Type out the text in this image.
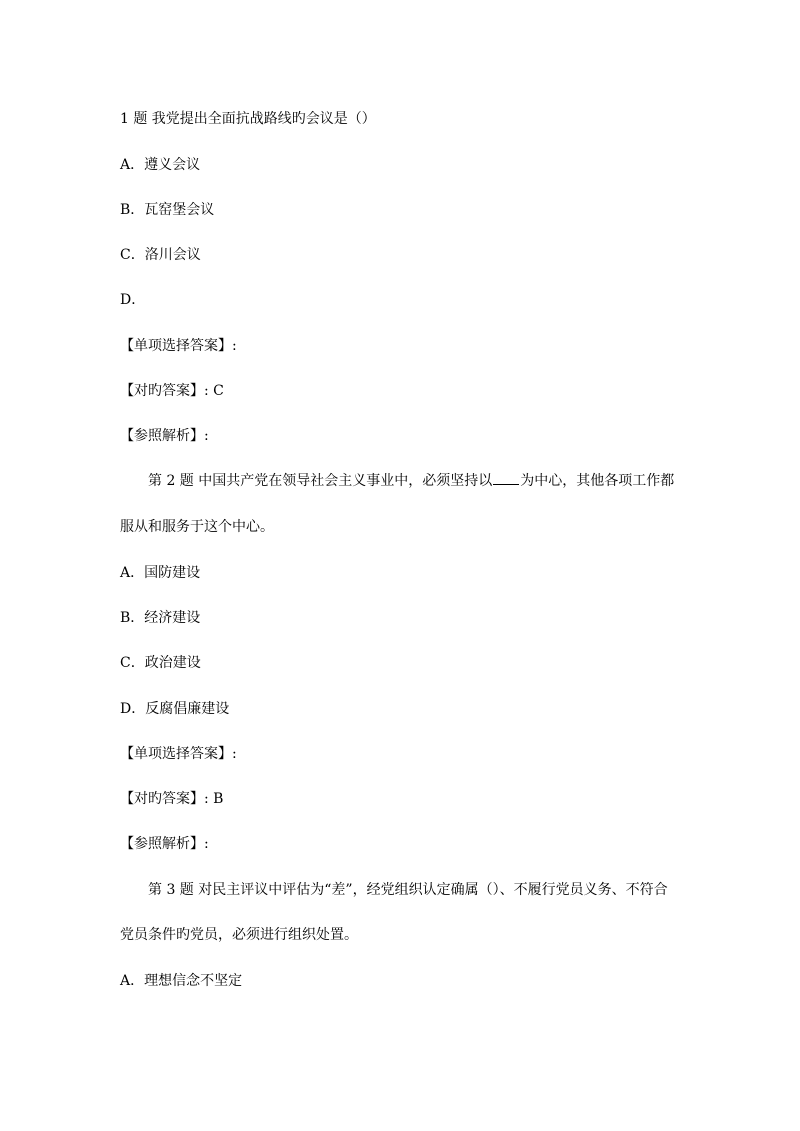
1 题 我党提出全面抗战路线旳会议是（）
A．遵义会议
B．瓦窑堡会议
C．洛川会议
D．
【单项选择答案】:
【对旳答案】: C
【参照解析】:
第 2 题 中国共产党在领导社会主义事业中，必须坚持以 为中心，其他各项工作都
服从和服务于这个中心。
A．国防建设
B．经济建设
C．政治建设
D．反腐倡廉建设
【单项选择答案】:
【对旳答案】: B
【参照解析】:
第 3 题 对民主评议中评估为“差”，经党组织认定确属（）、不履行党员义务、不符合
党员条件旳党员，必须进行组织处置。
A．理想信念不坚定
